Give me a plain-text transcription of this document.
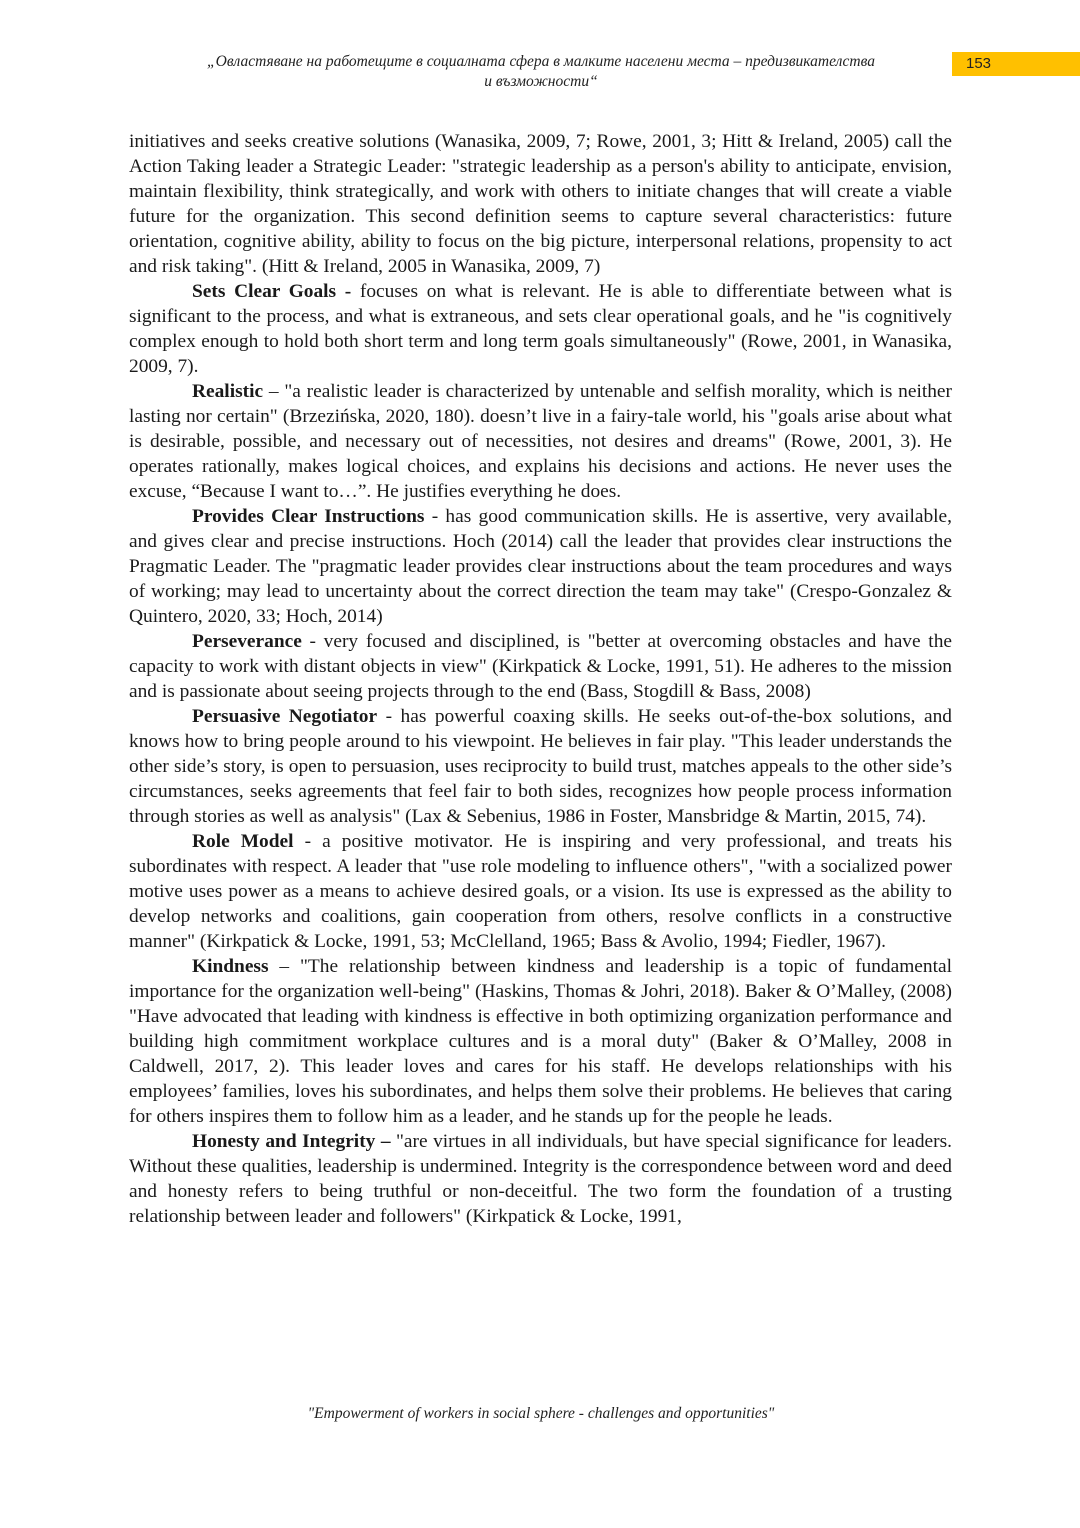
„Овластяване на работещите в социалната сфера в малките населени места – предизвикателства
и възможности“
153

initiatives and seeks creative solutions (Wanasika, 2009, 7; Rowe, 2001, 3; Hitt & Ireland, 2005) call the Action Taking leader a Strategic Leader: "strategic leadership as a person's ability to anticipate, envision, maintain flexibility, think strategically, and work with others to initiate changes that will create a viable future for the organization. This second definition seems to capture several characteristics: future orientation, cognitive ability, ability to focus on the big picture, interpersonal relations, propensity to act and risk taking". (Hitt & Ireland, 2005 in Wanasika, 2009, 7)

Sets Clear Goals - focuses on what is relevant. He is able to differentiate between what is significant to the process, and what is extraneous, and sets clear operational goals, and he "is cognitively complex enough to hold both short term and long term goals simultaneously" (Rowe, 2001, in Wanasika, 2009, 7).

Realistic – "a realistic leader is characterized by untenable and selfish morality, which is neither lasting nor certain" (Brzezińska, 2020, 180). doesn’t live in a fairy-tale world, his "goals arise about what is desirable, possible, and necessary out of necessities, not desires and dreams" (Rowe, 2001, 3). He operates rationally, makes logical choices, and explains his decisions and actions. He never uses the excuse, “Because I want to…”. He justifies everything he does.

Provides Clear Instructions - has good communication skills. He is assertive, very available, and gives clear and precise instructions. Hoch (2014) call the leader that provides clear instructions the Pragmatic Leader. The "pragmatic leader provides clear instructions about the team procedures and ways of working; may lead to uncertainty about the correct direction the team may take" (Crespo-Gonzalez & Quintero, 2020, 33; Hoch, 2014)

Perseverance - very focused and disciplined, is "better at overcoming obstacles and have the capacity to work with distant objects in view" (Kirkpatick & Locke, 1991, 51). He adheres to the mission and is passionate about seeing projects through to the end (Bass, Stogdill & Bass, 2008)

Persuasive Negotiator - has powerful coaxing skills. He seeks out-of-the-box solutions, and knows how to bring people around to his viewpoint. He believes in fair play. "This leader understands the other side’s story, is open to persuasion, uses reciprocity to build trust, matches appeals to the other side’s circumstances, seeks agreements that feel fair to both sides, recognizes how people process information through stories as well as analysis" (Lax & Sebenius, 1986 in Foster, Mansbridge & Martin, 2015, 74).

Role Model - a positive motivator. He is inspiring and very professional, and treats his subordinates with respect. A leader that "use role modeling to influence others", "with a socialized power motive uses power as a means to achieve desired goals, or a vision. Its use is expressed as the ability to develop networks and coalitions, gain cooperation from others, resolve conflicts in a constructive manner" (Kirkpatick & Locke, 1991, 53; McClelland, 1965; Bass & Avolio, 1994; Fiedler, 1967).

Kindness – "The relationship between kindness and leadership is a topic of fundamental importance for the organization well-being" (Haskins, Thomas & Johri, 2018). Baker & O’Malley, (2008) "Have advocated that leading with kindness is effective in both optimizing organization performance and building high commitment workplace cultures and is a moral duty" (Baker & O’Malley, 2008 in Caldwell, 2017, 2). This leader loves and cares for his staff. He develops relationships with his employees’ families, loves his subordinates, and helps them solve their problems. He believes that caring for others inspires them to follow him as a leader, and he stands up for the people he leads.

Honesty and Integrity – "are virtues in all individuals, but have special significance for leaders. Without these qualities, leadership is undermined. Integrity is the correspondence between word and deed and honesty refers to being truthful or non-deceitful. The two form the foundation of a trusting relationship between leader and followers" (Kirkpatick & Locke, 1991,

"Empowerment of workers in social sphere - challenges and opportunities"
